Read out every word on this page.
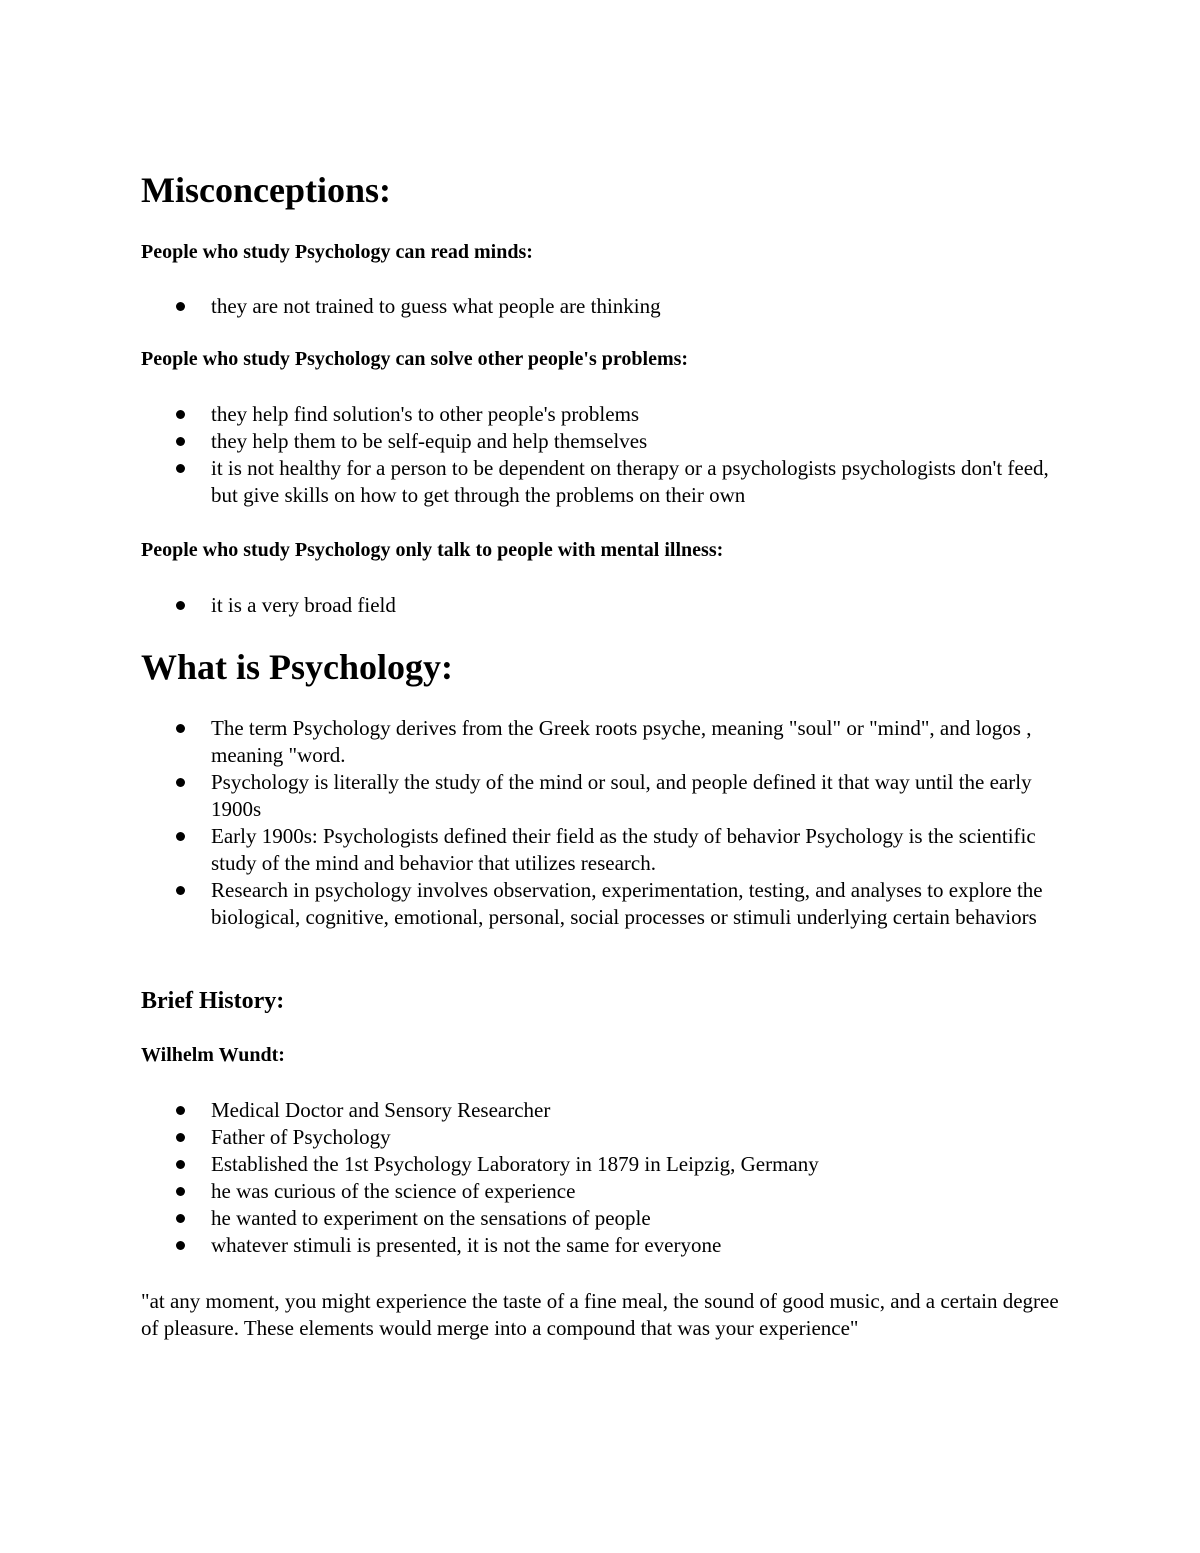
Misconceptions:
People who study Psychology can read minds:
they are not trained to guess what people are thinking
People who study Psychology can solve other people's problems:
they help find solution's to other people's problems
they help them to be self-equip and help themselves
it is not healthy for a person to be dependent on therapy or a psychologists psychologists don't feed, but give skills on how to get through the problems on their own
People who study Psychology only talk to people with mental illness:
it is a very broad field
What is Psychology:
The term Psychology derives from the Greek roots psyche, meaning "soul" or "mind", and logos , meaning "word.
Psychology is literally the study of the mind or soul, and people defined it that way until the early 1900s
Early 1900s: Psychologists defined their field as the study of behavior Psychology is the scientific study of the mind and behavior that utilizes research.
Research in psychology involves observation, experimentation, testing, and analyses to explore the biological, cognitive, emotional, personal, social processes or stimuli underlying certain behaviors
Brief History:
Wilhelm Wundt:
Medical Doctor and Sensory Researcher
Father of Psychology
Established the 1st Psychology Laboratory in 1879 in Leipzig, Germany
he was curious of the science of experience
he wanted to experiment on the sensations of people
whatever stimuli is presented, it is not the same for everyone

"at any moment, you might experience the taste of a fine meal, the sound of good music, and a certain degree of pleasure. These elements would merge into a compound that was your experience"
